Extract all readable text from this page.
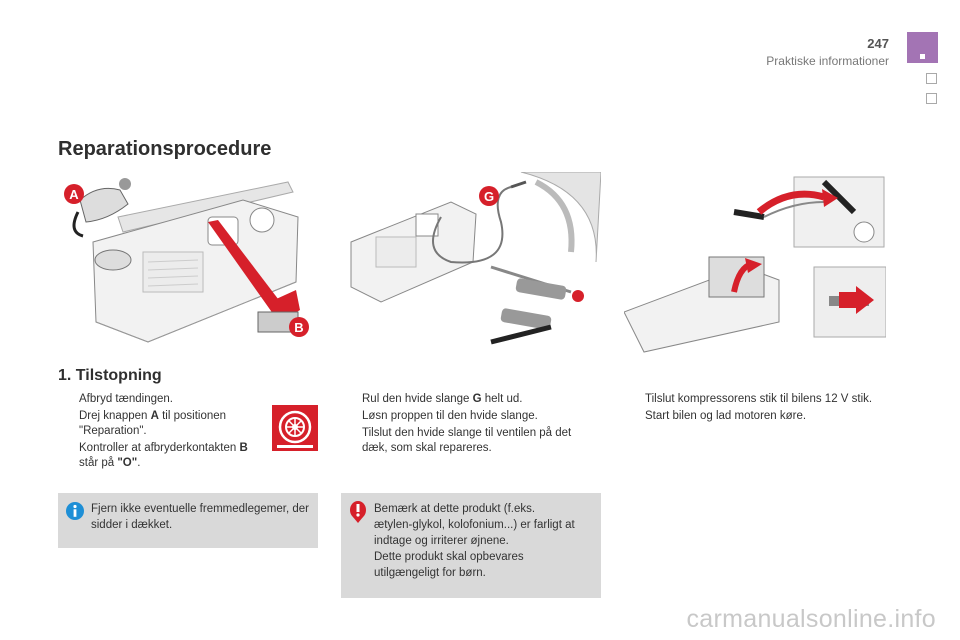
247
Praktiske informationer
Reparationsprocedure
A
B
G
1. Tilstopning
Afbryd tændingen.
Drej knappen A til positionen "Reparation".
Kontroller at afbryderkontakten B står på "O".
Rul den hvide slange G helt ud.
Løsn proppen til den hvide slange.
Tilslut den hvide slange til ventilen på det dæk, som skal repareres.
Tilslut kompressorens stik til bilens 12 V stik.
Start bilen og lad motoren køre.
Fjern ikke eventuelle fremmedlegemer, der sidder i dækket.
Bemærk at dette produkt (f.eks.
ætylen-glykol, kolofonium...) er farligt at
indtage og irriterer øjnene.
Dette produkt skal opbevares
utilgængeligt for børn.
carmanualsonline.info
